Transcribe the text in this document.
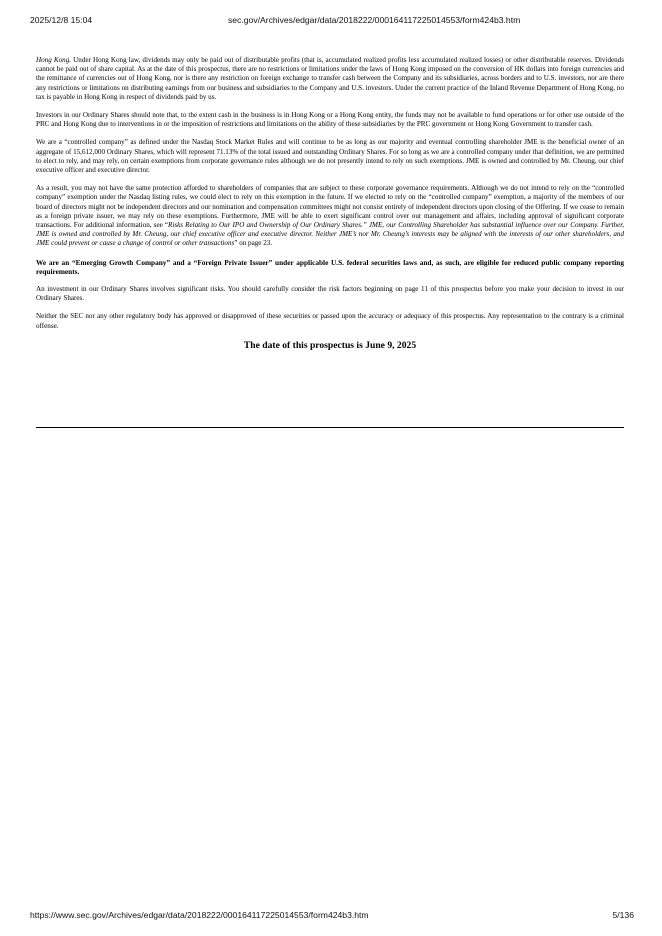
2025/12/8 15:04	sec.gov/Archives/edgar/data/2018222/000164117225014553/form424b3.htm

Hong Kong. Under Hong Kong law, dividends may only be paid out of distributable profits (that is, accumulated realized profits less accumulated realized losses) or other distributable reserves. Dividends cannot be paid out of share capital. As at the date of this prospectus, there are no restrictions or limitations under the laws of Hong Kong imposed on the conversion of HK dollars into foreign currencies and the remittance of currencies out of Hong Kong, nor is there any restriction on foreign exchange to transfer cash between the Company and its subsidiaries, across borders and to U.S. investors, nor are there any restrictions or limitations on distributing earnings from our business and subsidiaries to the Company and U.S. investors. Under the current practice of the Inland Revenue Department of Hong Kong, no tax is payable in Hong Kong in respect of dividends paid by us.

Investors in our Ordinary Shares should note that, to the extent cash in the business is in Hong Kong or a Hong Kong entity, the funds may not be available to fund operations or for other use outside of the PRC and Hong Kong due to interventions in or the imposition of restrictions and limitations on the ability of these subsidiaries by the PRC government or Hong Kong Government to transfer cash.

We are a “controlled company” as defined under the Nasdaq Stock Market Rules and will continue to be as long as our majority and eventual controlling shareholder JME is the beneficial owner of an aggregate of 15,612,000 Ordinary Shares, which will represent 71.13% of the total issued and outstanding Ordinary Shares. For so long as we are a controlled company under that definition, we are permitted to elect to rely, and may rely, on certain exemptions from corporate governance rules although we do not presently intend to rely on such exemptions. JME is owned and controlled by Mr. Cheung, our chief executive officer and executive director.

As a result, you may not have the same protection afforded to shareholders of companies that are subject to these corporate governance requirements. Although we do not intend to rely on the “controlled company” exemption under the Nasdaq listing rules, we could elect to rely on this exemption in the future. If we elected to rely on the “controlled company” exemption, a majority of the members of our board of directors might not be independent directors and our nomination and compensation committees might not consist entirely of independent directors upon closing of the Offering. If we cease to remain as a foreign private issuer, we may rely on these exemptions. Furthermore, JME will be able to exert significant control over our management and affairs, including approval of significant corporate transactions. For additional information, see “Risks Relating to Our IPO and Ownership of Our Ordinary Shares.” JME, our Controlling Shareholder has substantial influence over our Company. Further, JME is owned and controlled by Mr. Cheung, our chief executive officer and executive director. Neither JME’s nor Mr. Cheung’s interests may be aligned with the interests of our other shareholders, and JME could prevent or cause a change of control or other transactions” on page 23.

We are an “Emerging Growth Company” and a “Foreign Private Issuer” under applicable U.S. federal securities laws and, as such, are eligible for reduced public company reporting requirements.

An investment in our Ordinary Shares involves significant risks. You should carefully consider the risk factors beginning on page 11 of this prospectus before you make your decision to invest in our Ordinary Shares.

Neither the SEC nor any other regulatory body has approved or disapproved of these securities or passed upon the accuracy or adequacy of this prospectus. Any representation to the contrary is a criminal offense.

The date of this prospectus is June 9, 2025

https://www.sec.gov/Archives/edgar/data/2018222/000164117225014553/form424b3.htm	5/136
